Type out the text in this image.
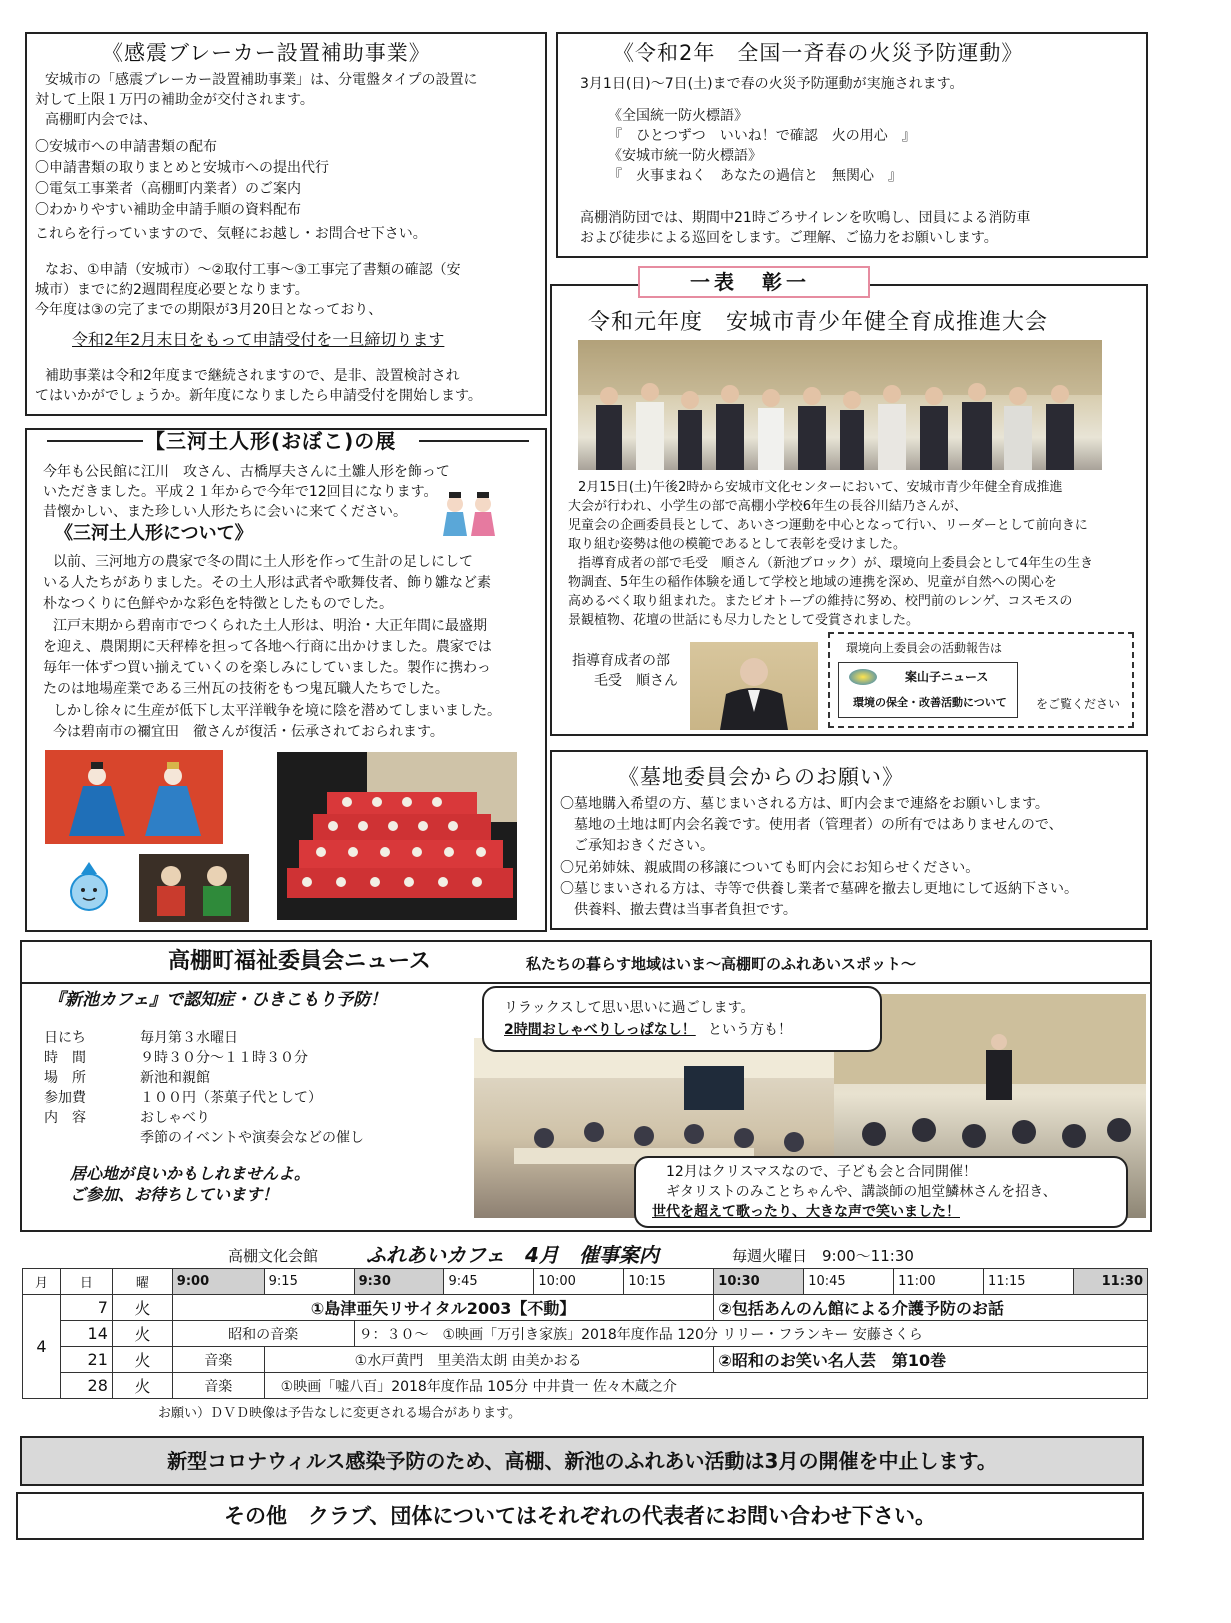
《感震ブレーカー設置補助事業》
安城市の「感震ブレーカー設置補助事業」は、分電盤タイプの設置に
対して上限１万円の補助金が交付されます。
高棚町内会では、
〇安城市への申請書類の配布
〇申請書類の取りまとめと安城市への提出代行
〇電気工事業者（高棚町内業者）のご案内
〇わかりやすい補助金申請手順の資料配布
これらを行っていますので、気軽にお越し・お問合せ下さい。
なお、①申請（安城市）～②取付工事～③工事完了書類の確認（安
城市）までに約2週間程度必要となります。
今年度は③の完了までの期限が3月20日となっており、
令和2年2月末日をもって申請受付を一旦締切ります
補助事業は令和2年度まで継続されますので、是非、設置検討され
てはいかがでしょうか。新年度になりましたら申請受付を開始します。
《令和2年　全国一斉春の火災予防運動》
3月1日(日)～7日(土)まで春の火災予防運動が実施されます。
《全国統一防火標語》
『　ひとつずつ　いいね！で確認　火の用心　』
《安城市統一防火標語》
『　火事まねく　あなたの過信と　無関心　』
高棚消防団では、期間中21時ごろサイレンを吹鳴し、団員による消防車
および徒歩による巡回をします。ご理解、ご協力をお願いします。
令和元年度　安城市青少年健全育成推進大会
2月15日(土)午後2時から安城市文化センターにおいて、安城市青少年健全育成推進
大会が行われ、小学生の部で高棚小学校6年生の長谷川結乃さんが、
児童会の企画委員長として、あいさつ運動を中心となって行い、リーダーとして前向きに
取り組む姿勢は他の模範であるとして表彰を受けました。
指導育成者の部で毛受　順さん（新池ブロック）が、環境向上委員会として4年生の生き
物調査、5年生の稲作体験を通して学校と地域の連携を深め、児童が自然への関心を
高めるべく取り組まれた。またビオトープの維持に努め、校門前のレンゲ、コスモスの
景観植物、花壇の世話にも尽力したとして受賞されました。
指導育成者の部
毛受　順さん
環境向上委員会の活動報告は
案山子ニュース
環境の保全・改善活動について をご覧ください
一表　彰一
【三河土人形(おぼこ)の展
今年も公民館に江川　攻さん、古橋厚夫さんに土雛人形を飾って
いただきました。平成２１年からで今年で12回目になります。
昔懐かしい、また珍しい人形たちに会いに来てください。
《三河土人形について》
以前、三河地方の農家で冬の間に土人形を作って生計の足しにして
いる人たちがありました。その土人形は武者や歌舞伎者、飾り雛など素
朴なつくりに色鮮やかな彩色を特徴としたものでした。
江戸末期から碧南市でつくられた土人形は、明治・大正年間に最盛期
を迎え、農閑期に天秤棒を担って各地へ行商に出かけました。農家では
毎年一体ずつ買い揃えていくのを楽しみにしていました。製作に携わっ
たのは地場産業である三州瓦の技術をもつ鬼瓦職人たちでした。
しかし徐々に生産が低下し太平洋戦争を境に陰を潜めてしまいました。
今は碧南市の禰宜田　徹さんが復活・伝承されておられます。
《墓地委員会からのお願い》
〇墓地購入希望の方、墓じまいされる方は、町内会まで連絡をお願いします。
墓地の土地は町内会名義です。使用者（管理者）の所有ではありませんので、
ご承知おきください。
〇兄弟姉妹、親戚間の移譲についても町内会にお知らせください。
〇墓じまいされる方は、寺等で供養し業者で墓碑を撤去し更地にして返納下さい。
供養料、撤去費は当事者負担です。
高棚町福祉委員会ニュース	私たちの暮らす地域はいま～高棚町のふれあいスポット～
『新池カフェ』で認知症・ひきこもり予防！
日にち	毎月第３水曜日
時　間	９時３０分～１１時３０分
場　所	新池和親館
参加費	１００円（茶菓子代として）
内　容	おしゃべり
季節のイベントや演奏会などの催し
居心地が良いかもしれませんよ。
ご参加、お待ちしています！
リラックスして思い思いに過ごします。
2時間おしゃべりしっぱなし！ という方も！
12月はクリスマスなので、子ども会と合同開催！
ギタリストのみことちゃんや、講談師の旭堂鱗林さんを招き、
世代を超えて歌ったり、大きな声で笑いました！
高棚文化会館 ふれあいカフェ　4月　催事案内	毎週火曜日　9:00～11:30
月	日	曜	9:00	9:15	9:30	9:45	10:00	10:15	10:30	10:45	11:00	11:15	11:30
4	7	火	①島津亜矢リサイタル2003【不動】						②包括あんのん館による介護予防のお話				
	14	火	昭和の音楽		９：３０～　①映画「万引き家族」2018年度作品 120分 リリー・フランキー 安藤さくら								
	21	火	音楽	①水戸黄門　里美浩太朗 由美かおる					②昭和のお笑い名人芸　第10巻				
	28	火	音楽	①映画「嘘八百」2018年度作品 105分 中井貴一 佐々木蔵之介									
お願い）ＤＶＤ映像は予告なしに変更される場合があります。
新型コロナウィルス感染予防のため、高棚、新池のふれあい活動は3月の開催を中止します。
その他　クラブ、団体についてはそれぞれの代表者にお問い合わせ下さい。
